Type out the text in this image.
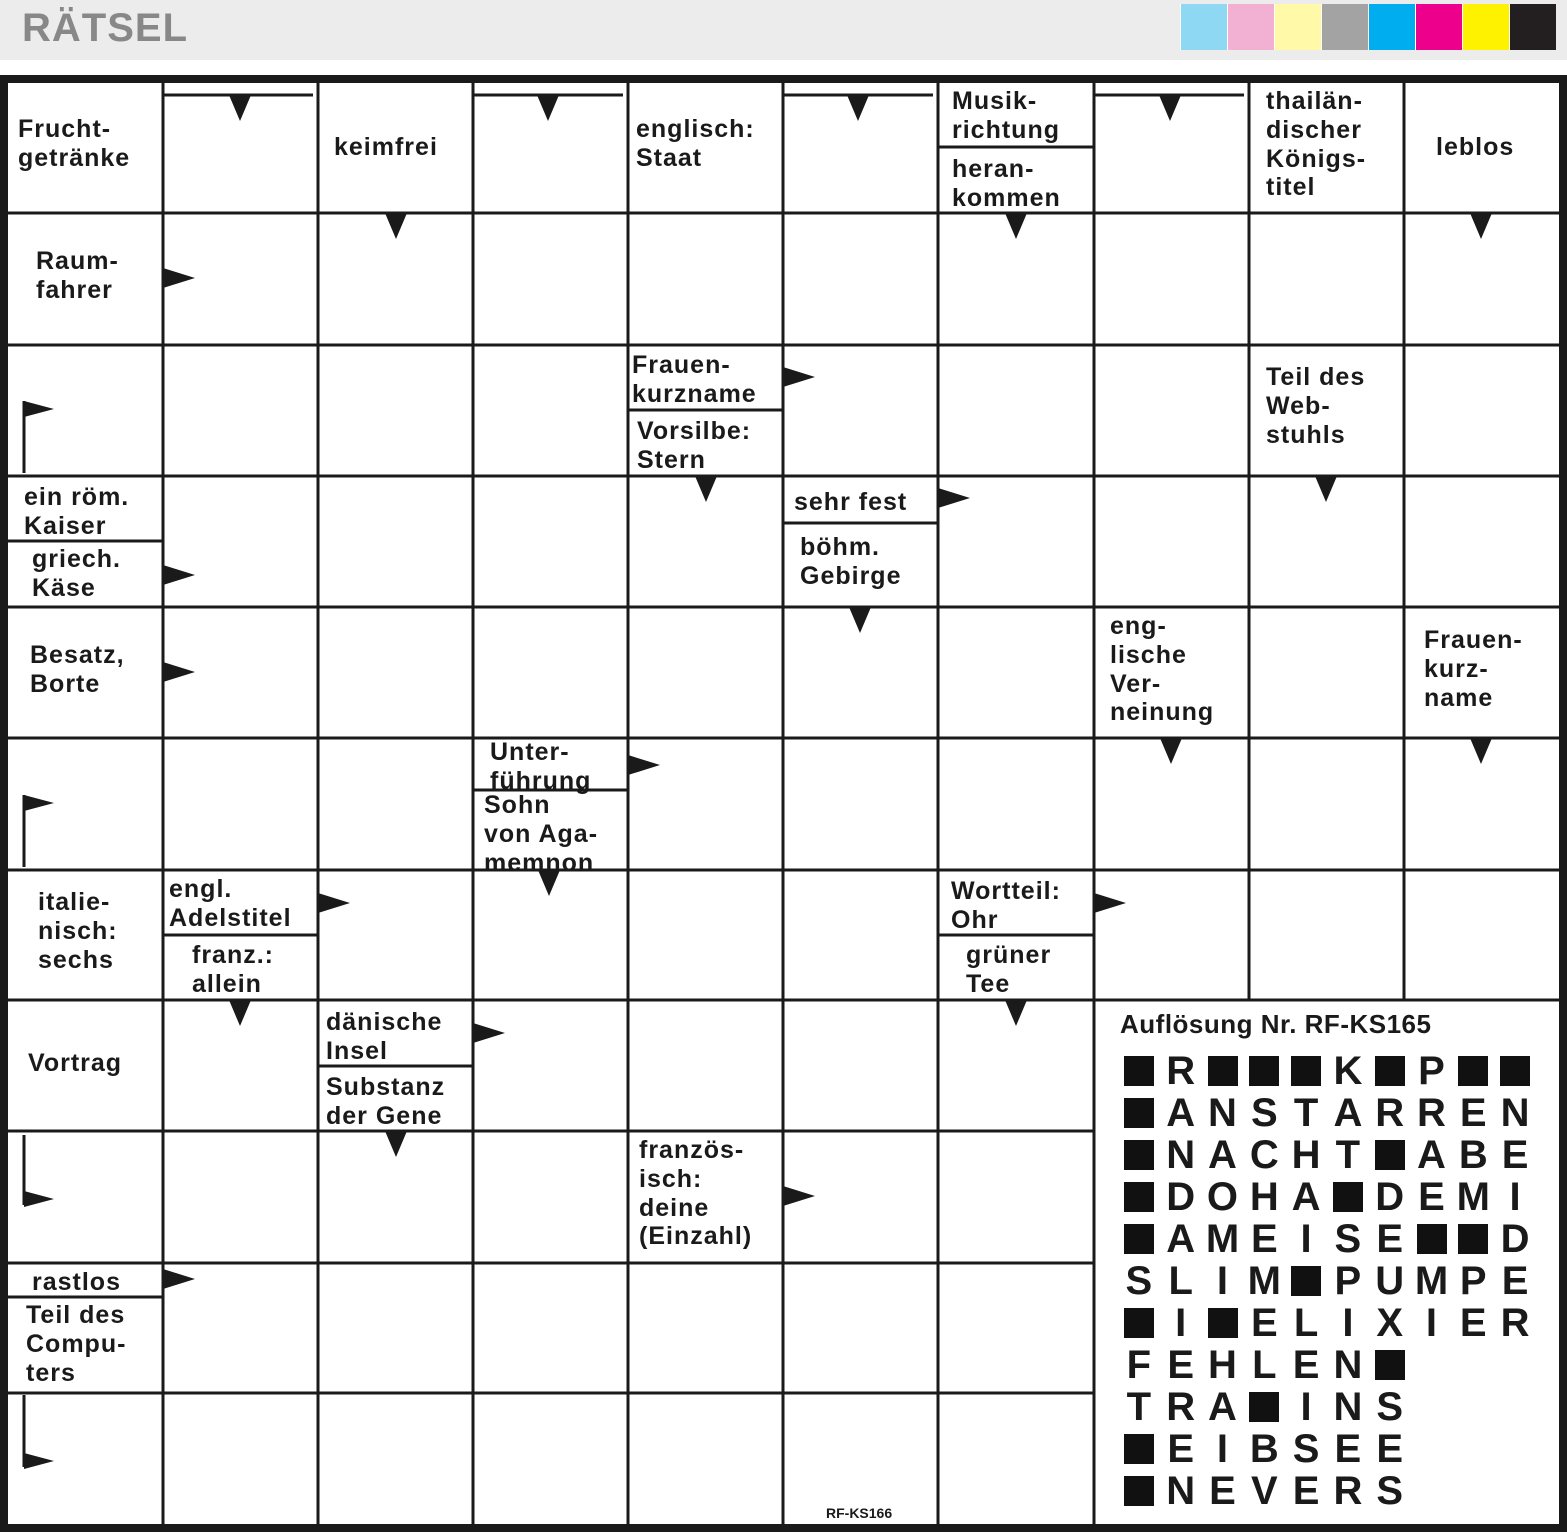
RÄTSEL
Frucht-
getränke	keimfrei
englisch:
Staat
Musik-
richtung
heran-
kommen
thailän-
discher
Königs-
titel
leblos
Raum-
fahrer
Frauen-
kurzname
Vorsilbe:
Stern
Teil des
Web-
stuhls
ein röm.
Kaiser
griech.
Käse
sehr fest
böhm.
Gebirge
Besatz,
Borte
eng-
lische
Ver-
neinung
Frauen-
kurz-
name
Unter-
führung
Sohn
von Aga-
memnon
italie-
nisch:
sechs
engl.
Adelstitel
franz.:
allein
Wortteil:
Ohr
grüner
Tee
Vortrag
dänische
Insel
Substanz
der Gene
französ-
isch:
deine
(Einzahl)
rastlos
Teil des
Compu-
ters
Auflösung Nr. RF-KS165
R	K P
A N S T A R R E N
N A C H T A B E
D O H A D E M I
A M E I S E D
S L I M P U M P E
I	E L I X I E R
F E H L E N
T R A	I N S
E I B S E E
N E V E R S
RF-KS166
